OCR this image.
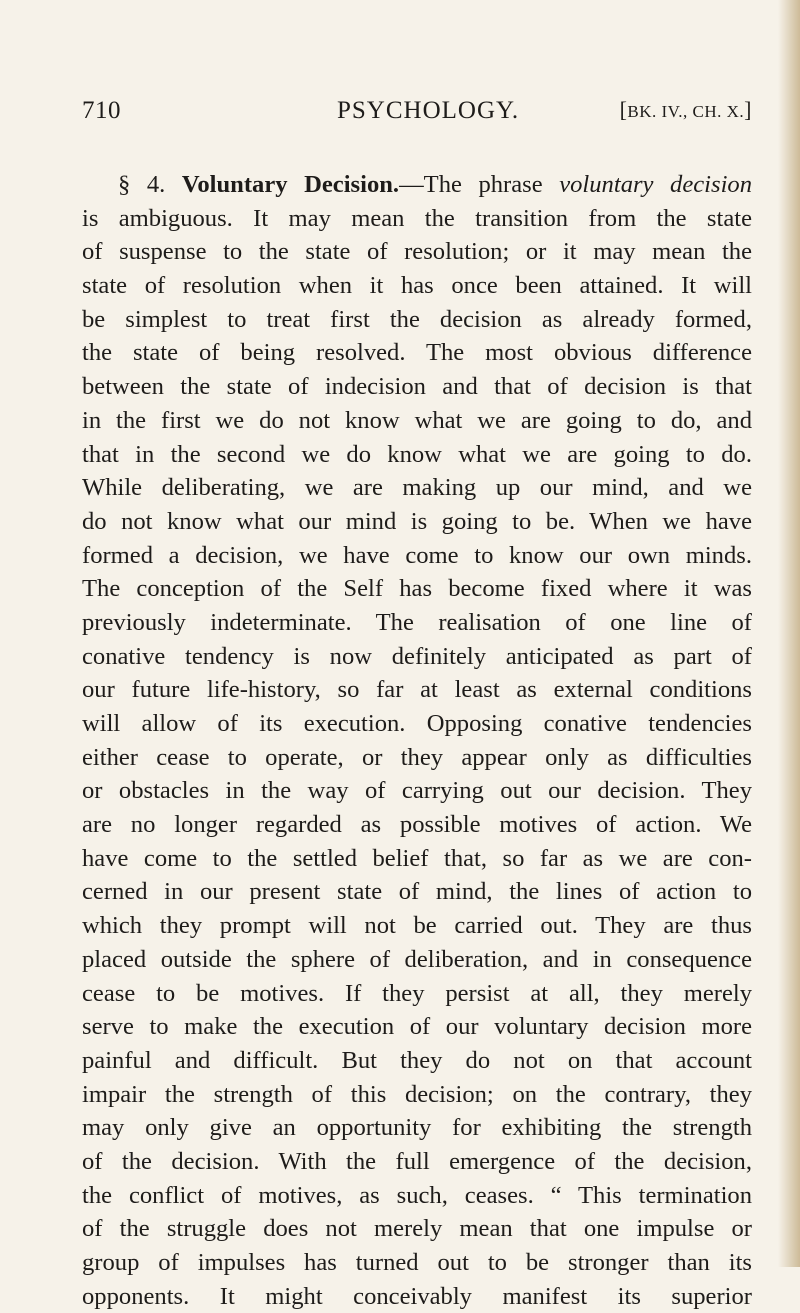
710	PSYCHOLOGY.	[BK. IV., CH. X.]
§ 4. Voluntary Decision.—The phrase voluntary decision
is ambiguous. It may mean the transition from the state
of suspense to the state of resolution; or it may mean the
state of resolution when it has once been attained. It will
be simplest to treat first the decision as already formed,
the state of being resolved. The most obvious difference
between the state of indecision and that of decision is that
in the first we do not know what we are going to do, and
that in the second we do know what we are going to do.
While deliberating, we are making up our mind, and we
do not know what our mind is going to be. When we have
formed a decision, we have come to know our own minds.
The conception of the Self has become fixed where it was
previously indeterminate. The realisation of one line of
conative tendency is now definitely anticipated as part of
our future life-history, so far at least as external conditions
will allow of its execution. Opposing conative tendencies
either cease to operate, or they appear only as difficulties
or obstacles in the way of carrying out our decision. They
are no longer regarded as possible motives of action. We
have come to the settled belief that, so far as we are con-
cerned in our present state of mind, the lines of action to
which they prompt will not be carried out. They are thus
placed outside the sphere of deliberation, and in consequence
cease to be motives. If they persist at all, they merely
serve to make the execution of our voluntary decision more
painful and difficult. But they do not on that account
impair the strength of this decision; on the contrary, they
may only give an opportunity for exhibiting the strength
of the decision. With the full emergence of the decision,
the conflict of motives, as such, ceases. “ This termination
of the struggle does not merely mean that one impulse or
group of impulses has turned out to be stronger than its
opponents. It might conceivably manifest its superior
